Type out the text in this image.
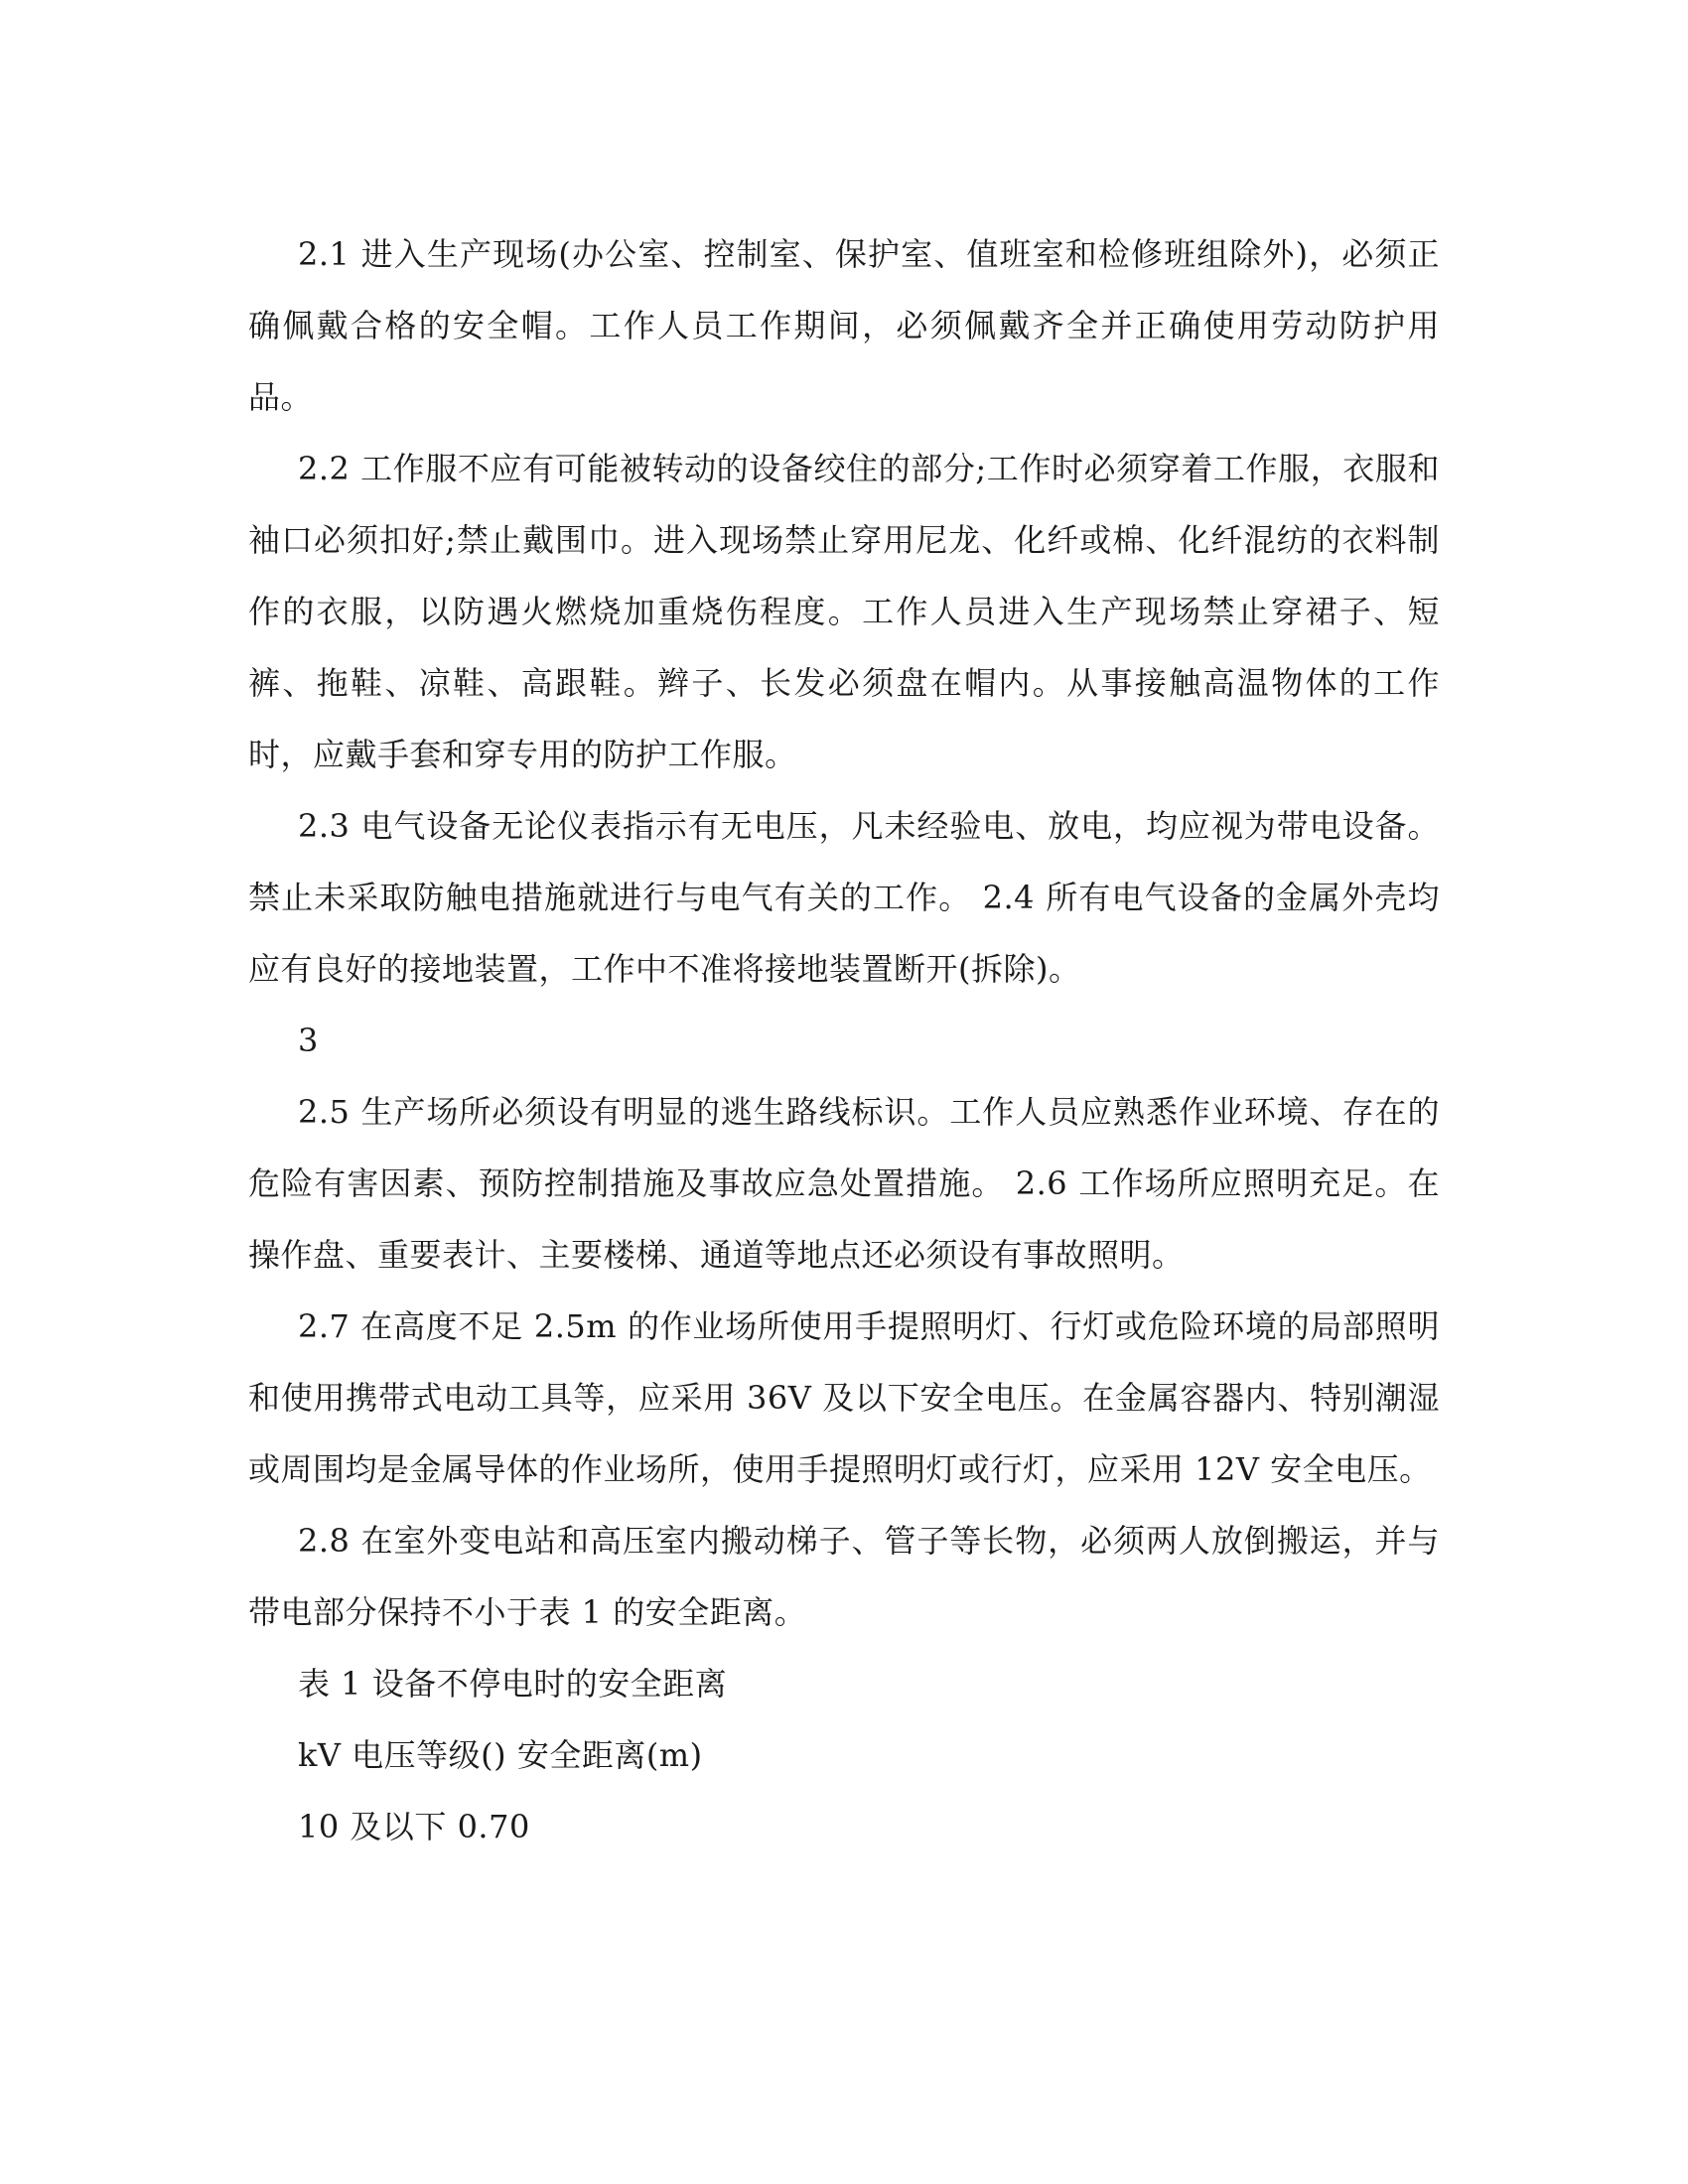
2.1 进入生产现场(办公室、控制室、保护室、值班室和检修班组除外)，必须正确佩戴合格的安全帽。工作人员工作期间，必须佩戴齐全并正确使用劳动防护用品。

2.2 工作服不应有可能被转动的设备绞住的部分;工作时必须穿着工作服，衣服和袖口必须扣好;禁止戴围巾。进入现场禁止穿用尼龙、化纤或棉、化纤混纺的衣料制作的衣服，以防遇火燃烧加重烧伤程度。工作人员进入生产现场禁止穿裙子、短裤、拖鞋、凉鞋、高跟鞋。辫子、长发必须盘在帽内。从事接触高温物体的工作时，应戴手套和穿专用的防护工作服。

2.3 电气设备无论仪表指示有无电压，凡未经验电、放电，均应视为带电设备。禁止未采取防触电措施就进行与电气有关的工作。 2.4 所有电气设备的金属外壳均应有良好的接地装置，工作中不准将接地装置断开(拆除)。

3

2.5 生产场所必须设有明显的逃生路线标识。工作人员应熟悉作业环境、存在的危险有害因素、预防控制措施及事故应急处置措施。 2.6 工作场所应照明充足。在操作盘、重要表计、主要楼梯、通道等地点还必须设有事故照明。

2.7 在高度不足 2.5m 的作业场所使用手提照明灯、行灯或危险环境的局部照明和使用携带式电动工具等，应采用 36V 及以下安全电压。在金属容器内、特别潮湿或周围均是金属导体的作业场所，使用手提照明灯或行灯，应采用 12V 安全电压。

2.8 在室外变电站和高压室内搬动梯子、管子等长物，必须两人放倒搬运，并与带电部分保持不小于表 1 的安全距离。

表 1 设备不停电时的安全距离

kV 电压等级() 安全距离(m)

10 及以下 0.70
